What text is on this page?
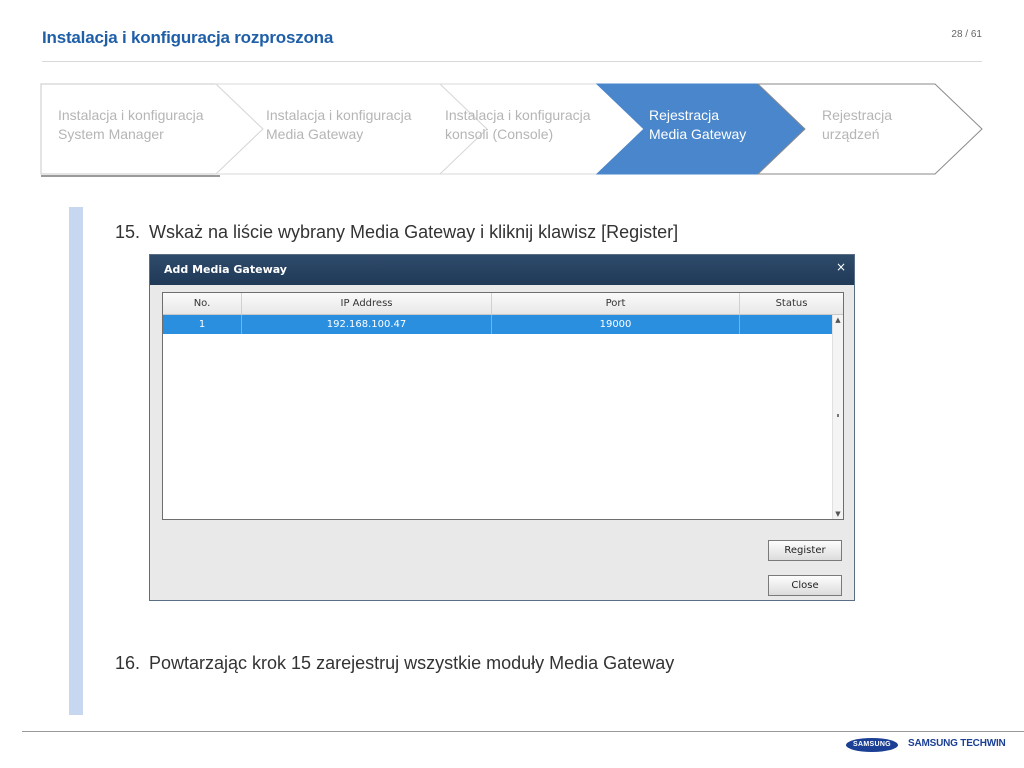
Instalacja i konfiguracja rozproszona	28 / 61
Instalacja i konfiguracja
System Manager
Instalacja i konfiguracja
Media Gateway
Instalacja i konfiguracja
konsoli (Console)
Rejestracja
Media Gateway
Rejestracja
urządzeń
15. Wskaż na liście wybrany Media Gateway i kliknij klawisz [Register]
Add Media Gateway	×
No.	IP Address	Port	Status
1	192.168.100.47	19000	▲
▼
Register
Close
16. Powtarzając krok 15 zarejestruj wszystkie moduły Media Gateway
SAMSUNG	SAMSUNG TECHWIN
